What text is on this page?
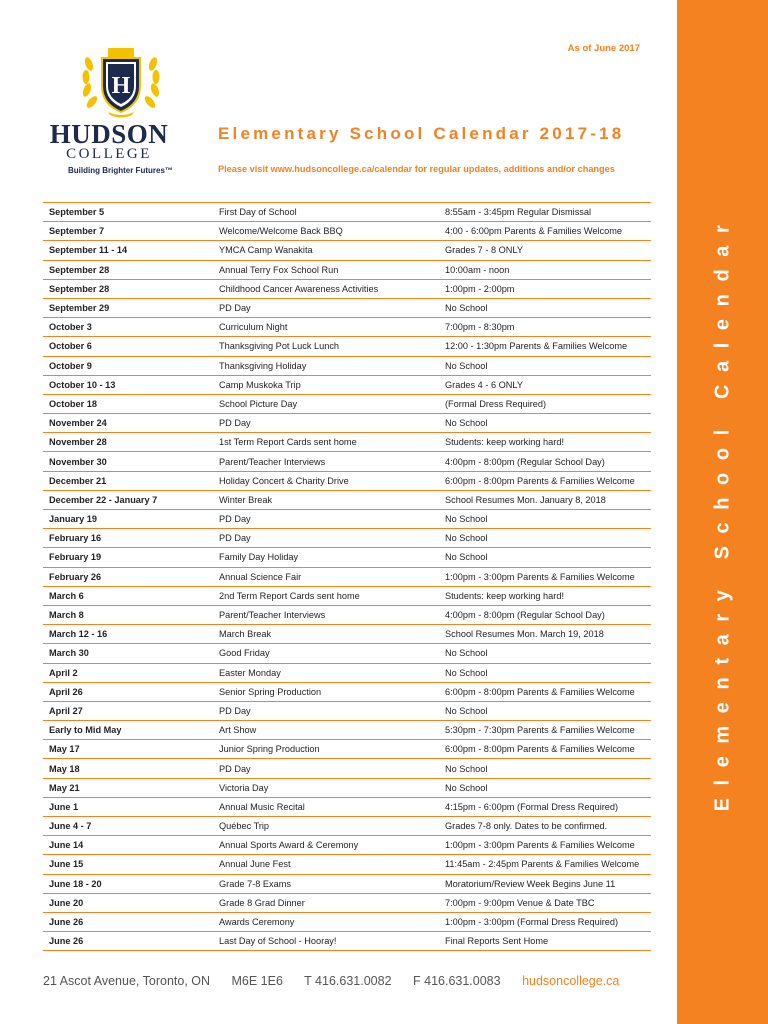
Elementary School Calendar
As of June 2017
H
HUDSON
COLLEGE
Building Brighter Futures™
Elementary School Calendar 2017-18
Please visit www.hudsoncollege.ca/calendar for regular updates, additions and/or changes
September 5	First Day of School	8:55am - 3:45pm Regular Dismissal
September 7	Welcome/Welcome Back BBQ	4:00 - 6:00pm Parents & Families Welcome
September 11 - 14	YMCA Camp Wanakita	Grades 7 - 8 ONLY
September 28	Annual Terry Fox School Run	10:00am - noon
September 28	Childhood Cancer Awareness Activities	1:00pm - 2:00pm
September 29	PD Day	No School
October 3	Curriculum Night	7:00pm - 8:30pm
October 6	Thanksgiving Pot Luck Lunch	12:00 - 1:30pm Parents & Families Welcome
October 9	Thanksgiving Holiday	No School
October 10 - 13	Camp Muskoka Trip	Grades 4 - 6 ONLY
October 18	School Picture Day	(Formal Dress Required)
November 24	PD Day	No School
November 28	1st Term Report Cards sent home	Students: keep working hard!
November 30	Parent/Teacher Interviews	4:00pm - 8:00pm (Regular School Day)
December 21	Holiday Concert & Charity Drive	6:00pm - 8:00pm Parents & Families Welcome
December 22 - January 7	Winter Break	School Resumes Mon. January 8, 2018
January 19	PD Day	No School
February 16	PD Day	No School
February 19	Family Day Holiday	No School
February 26	Annual Science Fair	1:00pm - 3:00pm Parents & Families Welcome
March 6	2nd Term Report Cards sent home	Students: keep working hard!
March 8	Parent/Teacher Interviews	4:00pm - 8:00pm (Regular School Day)
March 12 - 16	March Break	School Resumes Mon. March 19, 2018
March 30	Good Friday	No School
April 2	Easter Monday	No School
April 26	Senior Spring Production	6:00pm - 8:00pm Parents & Families Welcome
April 27	PD Day	No School
Early to Mid May	Art Show	5:30pm - 7:30pm Parents & Families Welcome
May 17	Junior Spring Production	6:00pm - 8:00pm Parents & Families Welcome
May 18	PD Day	No School
May 21	Victoria Day	No School
June 1	Annual Music Recital	4:15pm - 6:00pm (Formal Dress Required)
June 4 - 7	Québec Trip	Grades 7-8 only. Dates to be confirmed.
June 14	Annual Sports Award & Ceremony	1:00pm - 3:00pm Parents & Families Welcome
June 15	Annual June Fest	11:45am - 2:45pm Parents & Families Welcome
June 18 - 20	Grade 7-8 Exams	Moratorium/Review Week Begins June 11
June 20	Grade 8 Grad Dinner	7:00pm - 9:00pm Venue & Date TBC
June 26	Awards Ceremony	1:00pm - 3:00pm (Formal Dress Required)
June 26	Last Day of School - Hooray!	Final Reports Sent Home
21 Ascot Avenue, Toronto, ON M6E 1E6 T 416.631.0082 F 416.631.0083 hudsoncollege.ca
